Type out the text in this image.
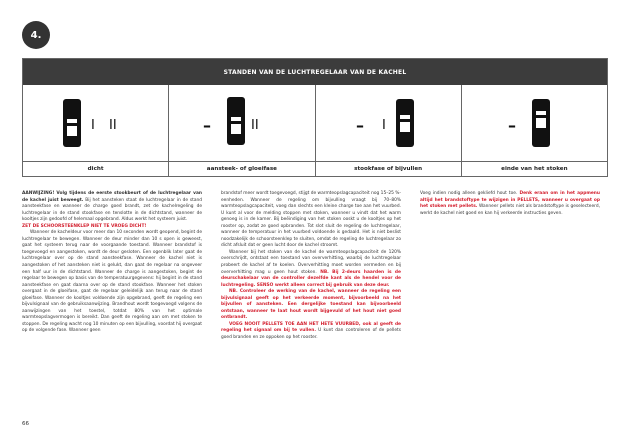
4.
STANDEN VAN DE LUCHTREGELAAR VAN DE KACHEL
I II	–	II	– I	–
dicht	aansteek- of gloeifase	stookfase of bijvullen	einde van het stoken

AANWIJZING! Volg tijdens de eerste stookbeurt of de luchtregelaar van de kachel juist beweegt. Bij het aansteken staat de luchtregelaar in de stand aansteekfase en wanneer de charge goed brandt, zet de kachelregeling de luchtregelaar in de stand stookfase en tenslotte in de dichtstand, wanneer de kooltjes zijn gedoofd of helemaal opgebrand. Aldus werkt het systeem juist.
ZET DE SCHOORSTEENKLEP NIET TE VROEG DICHT!

Wanneer de kacheldeur voor meer dan 10 seconden wordt geopend, begint de luchtregelaar te bewegen. Wanneer de deur minder dan 10 s open is geweest, gaat het systeem terug naar de voorgaande toestand. Wanneer brandstof is toegevoegd en aangestoken, wordt de deur gesloten. Een ogenblik later gaat de luchtregelaar over op de stand aansteekfase. Wanneer de kachel niet is aangestoken of het aansteken niet is gelukt, dan gaat de regelaar na ongeveer een half uur in de dichtstand. Wanneer de charge is aangestoken, begint de regelaar te bewegen op basis van de temperatuurgegevens: hij begint in de stand aansteekfase en gaat daarna over op de stand stookfase. Wanneer het stoken overgaat in de gloeifase, gaat de regelaar geleidelijk aan terug naar de stand gloeifase. Wanneer de kooltjes voldoende zijn opgebrand, geeft de regeling een bijvulsignaal van de gebruiksaanwijzing. Brandhout wordt toegevoegd volgens de aanwijzingen van het toestel, totdat 80% van het optimale warmteopslagvermogen is bereikt. Dan geeft de regeling aan om met stoken te stoppen. De regeling wacht nog 10 minuten op een bijvulling, voordat hij overgaat op de volgende fase. Wanneer geen

brandstof meer wordt toegevoegd, stijgt de warmteopslagcapaciteit nog 15–25 %-eenheden. Wanneer de regeling om bijvulling vraagt bij 70–80% warmteopslagcapaciteit, voeg dan slechts een kleine charge toe aan het vuurbed. U kunt al voor de melding stoppen met stoken, wanneer u vindt dat het warm genoeg is in de kamer. Bij beëindiging van het stoken ooskt u de kooltjes op het rooster op, zodat ze goed opbranden. Tot slot sluit de regeling de luchtregelaar, wanneer de temperatuur in het vuurbed voldoende is gedaald. Het is niet beslist noodzakelijk de schoorsteenklep te sluiten, omdat de regeling de luchtregelaar zo dicht afsluit dat er geen lucht door de kachel stroomt.

Wanneer bij het stoken van de kachel de warmteopslagcapaciteit de 120% overschrijdt, ontstaat een toestand van oververhitting, waarbij de luchtregelaar probeert de kachel af te koelen. Oververhitting moet worden vermeden en bij oververhitting mag u geen hout stoken. NB. Bij 2-deurs haarden is de deurschakelaar van de controller dezelfde kant als de hendel voor de luchtregeling. SENSO werkt alleen correct bij gebruik van deze deur.

NB. Controleer de werking van de kachel, wanneer de regeling een bijvulsignaal geeft op het verkeerde moment, bijvoorbeeld na het bijvullen of aansteken. Een dergelijke toestand kan bijvoorbeeld ontstaan, wanneer te laat hout wordt bijgevuld of het hout niet goed ontbrandt.

VOEG NOOIT PELLETS TOE AAN HET HETE VUURBED, ook al geeft de regeling het signaal om bij te vullen. U kunt dan controleren of de pellets goed branden en ze oppoken op het rooster.

Voeg indien nodig alleen gekliefd hout toe. Denk eraan om in het appmenu altijd het brandstoftype te wijzigen in PELLETS, wanneer u overgaat op het stoken met pellets. Wanneer pellets niet als brandstoftype is geselecteerd, werkt de kachel niet goed en kan hij verkeerde instructies geven.

66
